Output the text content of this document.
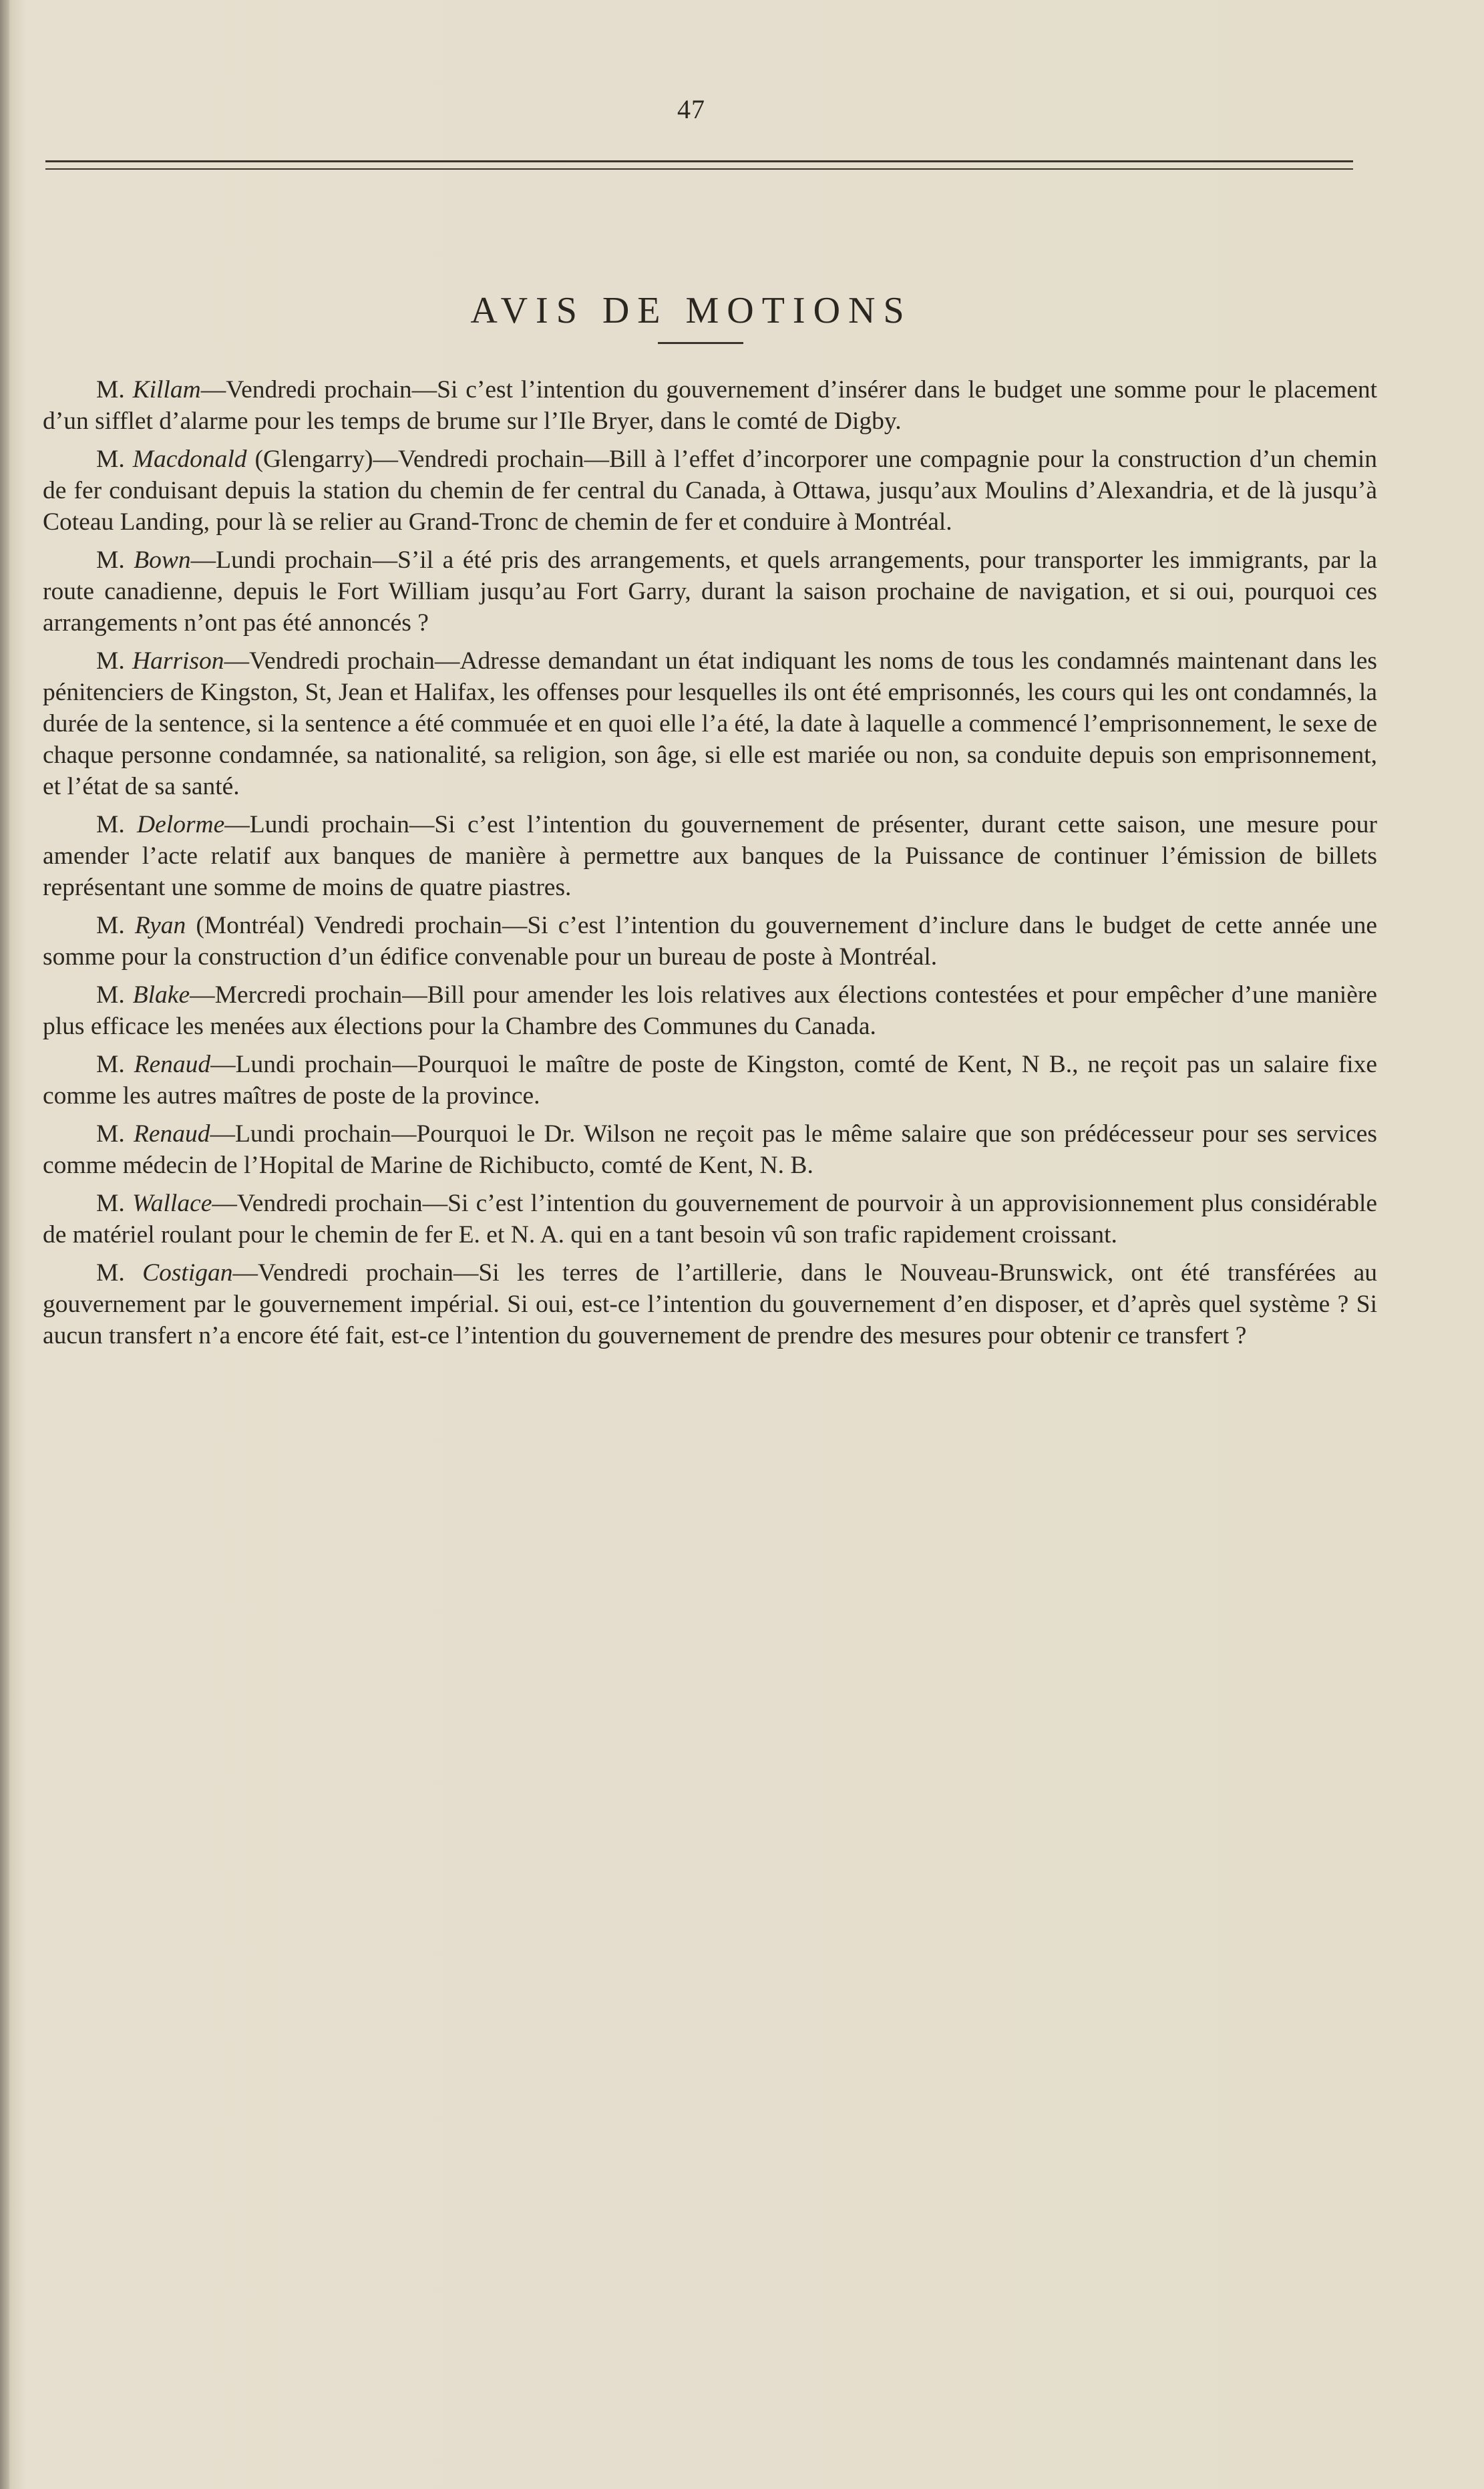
47
AVIS DE MOTIONS

M. Killam—Vendredi prochain—Si c’est l’intention du gouvernement d’insérer dans le budget une somme pour le placement d’un sifflet d’alarme pour les temps de brume sur l’Ile Bryer, dans le comté de Digby.

M. Macdonald (Glengarry)—Vendredi prochain—Bill à l’effet d’incorporer une compagnie pour la construction d’un chemin de fer conduisant depuis la station du chemin de fer central du Canada, à Ottawa, jusqu’aux Moulins d’Alexandria, et de là jusqu’à Coteau Landing, pour là se relier au Grand-Tronc de chemin de fer et conduire à Montréal.

M. Bown—Lundi prochain—S’il a été pris des arrangements, et quels arrangements, pour transporter les immigrants, par la route canadienne, depuis le Fort William jusqu’au Fort Garry, durant la saison prochaine de navigation, et si oui, pourquoi ces arrangements n’ont pas été annoncés ?

M. Harrison—Vendredi prochain—Adresse demandant un état indiquant les noms de tous les condamnés maintenant dans les pénitenciers de Kingston, St, Jean et Halifax, les offenses pour lesquelles ils ont été emprisonnés, les cours qui les ont condamnés, la durée de la sentence, si la sentence a été commuée et en quoi elle l’a été, la date à laquelle a commencé l’emprisonnement, le sexe de chaque personne condamnée, sa nationalité, sa religion, son âge, si elle est mariée ou non, sa conduite depuis son emprisonnement, et l’état de sa santé.

M. Delorme—Lundi prochain—Si c’est l’intention du gouvernement de présenter, durant cette saison, une mesure pour amender l’acte relatif aux banques de manière à permettre aux banques de la Puissance de continuer l’émission de billets représentant une somme de moins de quatre piastres.

M. Ryan (Montréal) Vendredi prochain—Si c’est l’intention du gouvernement d’inclure dans le budget de cette année une somme pour la construction d’un édifice convenable pour un bureau de poste à Montréal.

M. Blake—Mercredi prochain—Bill pour amender les lois relatives aux élections contestées et pour empêcher d’une manière plus efficace les menées aux élections pour la Chambre des Communes du Canada.

M. Renaud—Lundi prochain—Pourquoi le maître de poste de Kingston, comté de Kent, N B., ne reçoit pas un salaire fixe comme les autres maîtres de poste de la province.

M. Renaud—Lundi prochain—Pourquoi le Dr. Wilson ne reçoit pas le même salaire que son prédécesseur pour ses services comme médecin de l’Hopital de Marine de Richibucto, comté de Kent, N. B.

M. Wallace—Vendredi prochain—Si c’est l’intention du gouvernement de pourvoir à un approvisionnement plus considérable de matériel roulant pour le chemin de fer E. et N. A. qui en a tant besoin vû son trafic rapidement croissant.

M. Costigan—Vendredi prochain—Si les terres de l’artillerie, dans le Nouveau-Brunswick, ont été transférées au gouvernement par le gouvernement impérial. Si oui, est-ce l’intention du gouvernement d’en disposer, et d’après quel système ? Si aucun transfert n’a encore été fait, est-ce l’intention du gouvernement de prendre des mesures pour obtenir ce transfert ?
